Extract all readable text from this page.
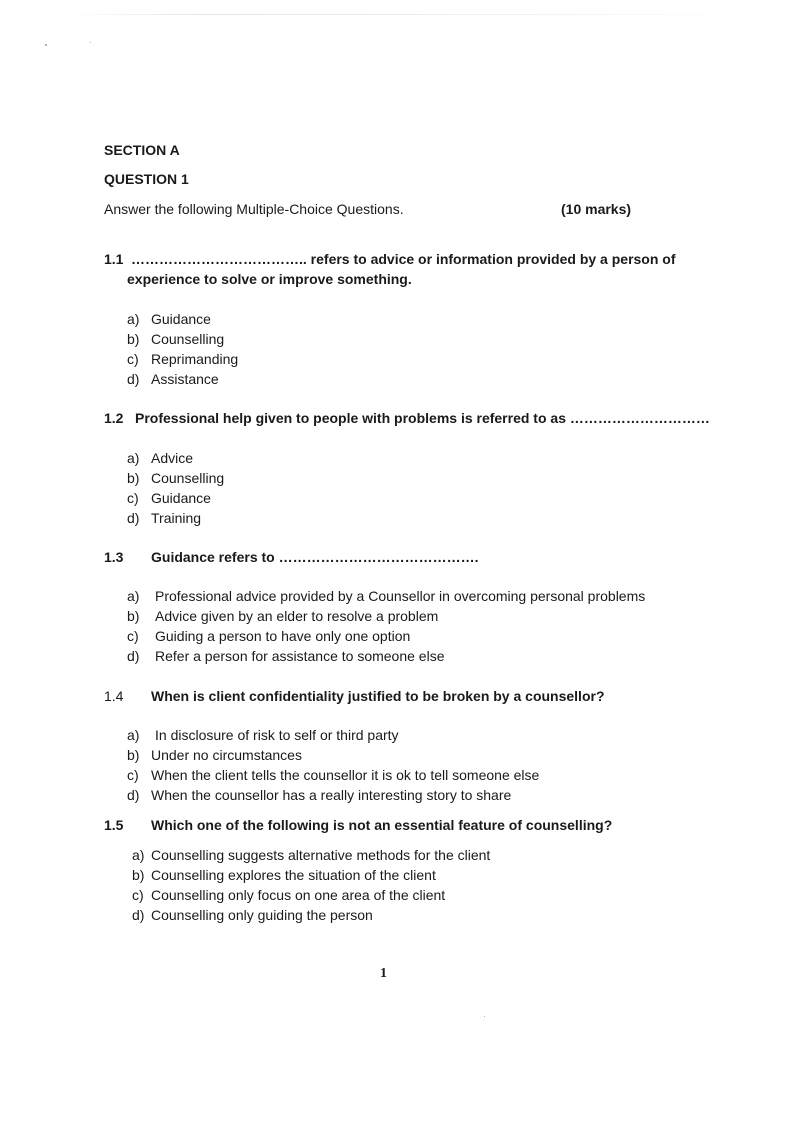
SECTION A
QUESTION 1
Answer the following Multiple-Choice Questions.	(10 marks)
1.1 ……………………………….. refers to advice or information provided by a person of
experience to solve or improve something.
a) Guidance
b) Counselling
c) Reprimanding
d) Assistance
1.2 Professional help given to people with problems is referred to as …………………………
a) Advice
b) Counselling
c) Guidance
d) Training
1.3 Guidance refers to …………………………………….
a) Professional advice provided by a Counsellor in overcoming personal problems
b) Advice given by an elder to resolve a problem
c) Guiding a person to have only one option
d) Refer a person for assistance to someone else
1.4 When is client confidentiality justified to be broken by a counsellor?
a) In disclosure of risk to self or third party
b) Under no circumstances
c) When the client tells the counsellor it is ok to tell someone else
d) When the counsellor has a really interesting story to share
1.5 Which one of the following is not an essential feature of counselling?
a) Counselling suggests alternative methods for the client
b) Counselling explores the situation of the client
c) Counselling only focus on one area of the client
d) Counselling only guiding the person
1
